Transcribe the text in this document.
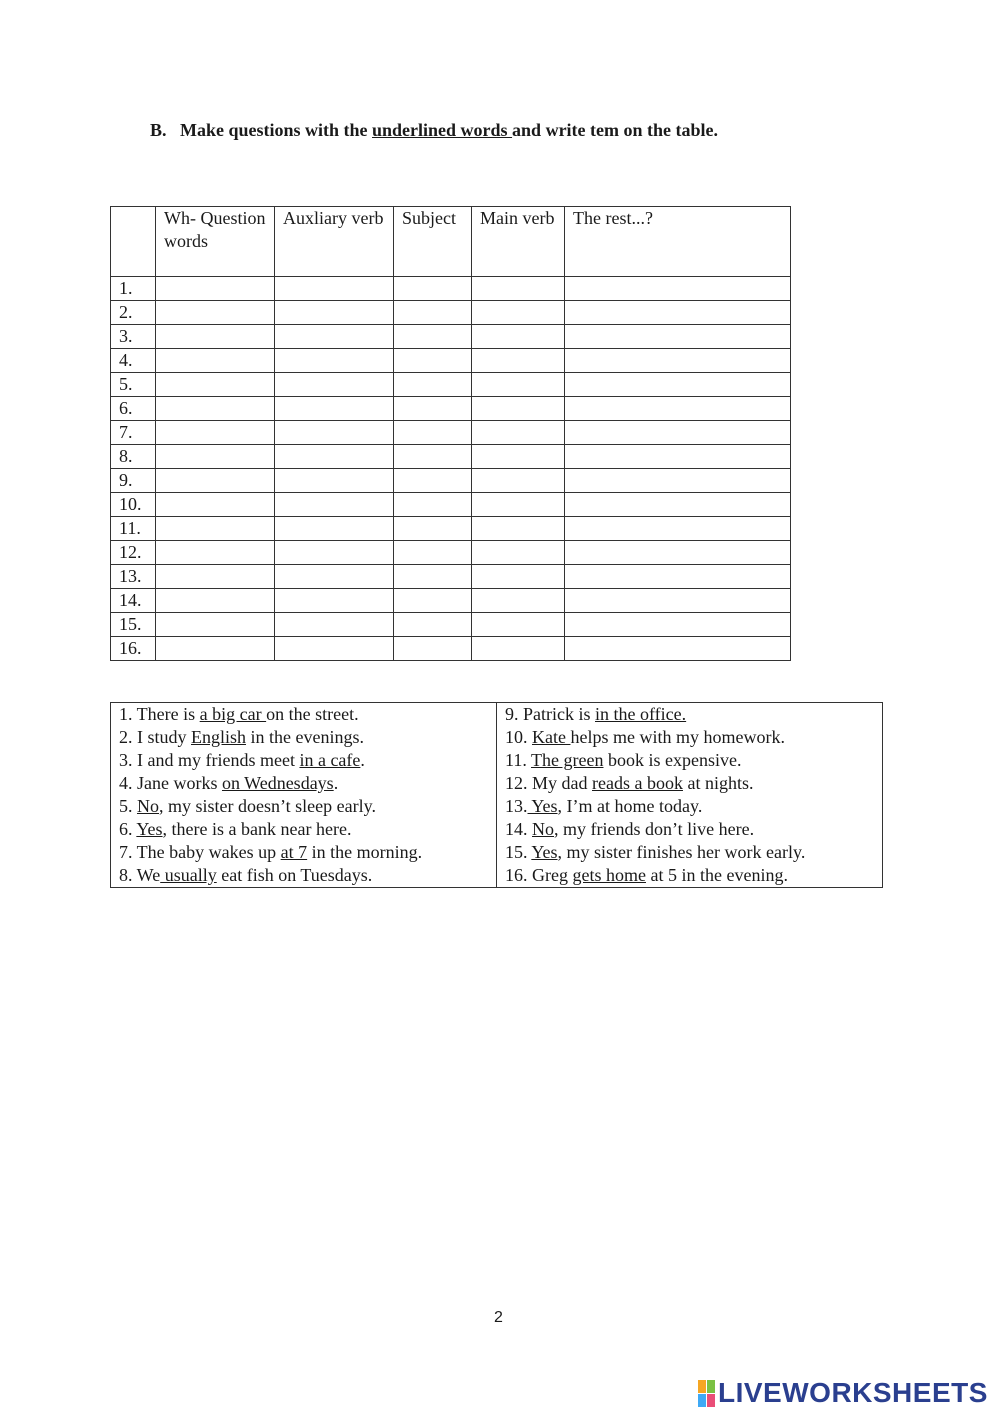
B. Make questions with the underlined words and write tem on the table.
	Wh- Question words	Auxliary verb	Subject	Main verb	The rest...?
1.					
2.					
3.					
4.					
5.					
6.					
7.					
8.					
9.					
10.					
11.					
12.					
13.					
14.					
15.					
16.					
1. There is a big car on the street.
2. I study English in the evenings.
3. I and my friends meet in a cafe.
4. Jane works on Wednesdays.
5. No, my sister doesn’t sleep early.
6. Yes, there is a bank near here.
7. The baby wakes up at 7 in the morning.
8. We usually eat fish on Tuesdays.

9. Patrick is in the office.
10. Kate helps me with my homework.
11. The green book is expensive.
12. My dad reads a book at nights.
13. Yes, I’m at home today.
14. No, my friends don’t live here.
15. Yes, my sister finishes her work early.
16. Greg gets home at 5 in the evening.
2
LIVEWORKSHEETS
